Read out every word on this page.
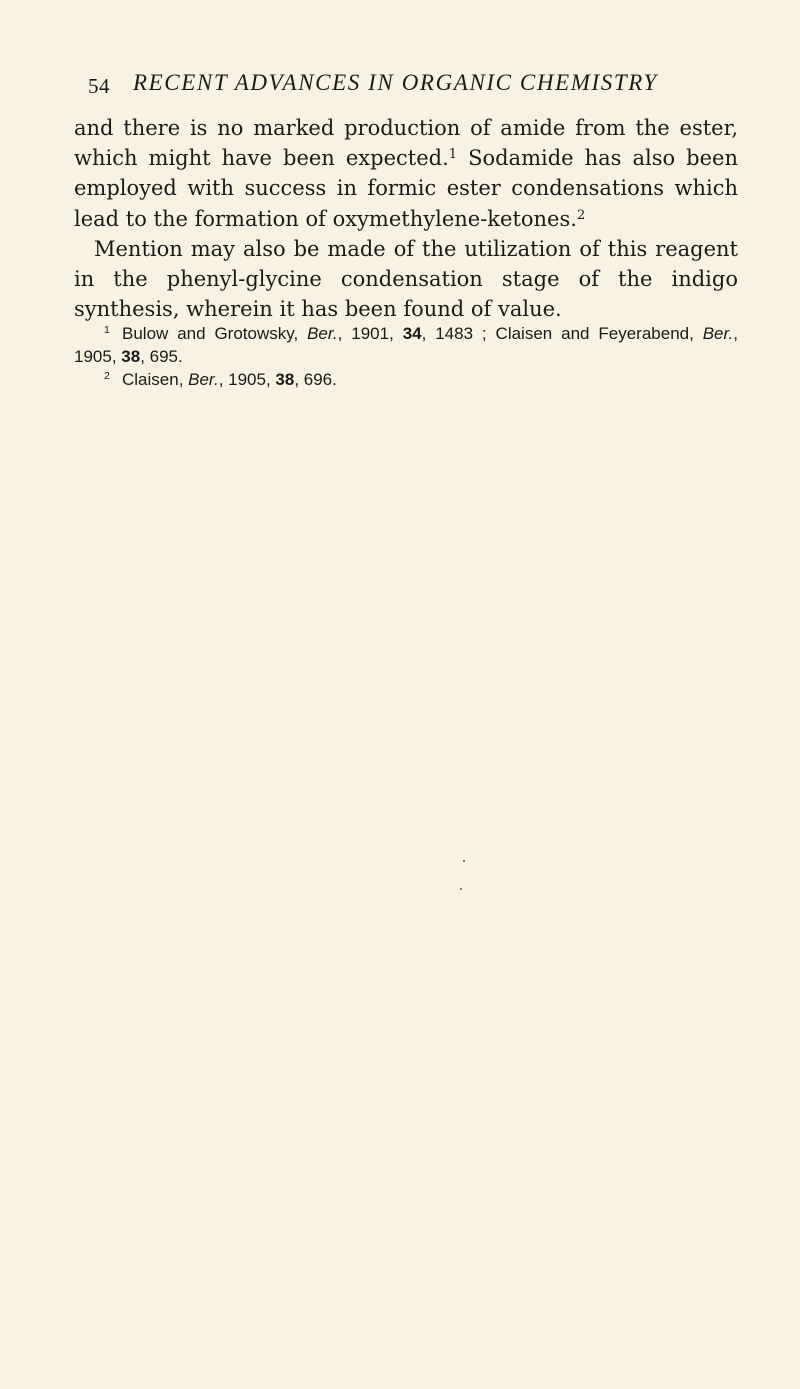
54 RECENT ADVANCES IN ORGANIC CHEMISTRY

and there is no marked production of amide from the ester, which might have been expected.$^1$ Sodamide has also been employed with success in formic ester condensations which lead to the formation of oxymethylene-ketones.$^2$

Mention may also be made of the utilization of this reagent in the phenyl-glycine condensation stage of the indigo synthesis, wherein it has been found of value.

$^1$ Bulow and Grotowsky, Ber., 1901, 34, 1483 ; Claisen and Feyerabend, Ber., 1905, 38, 695.

$^2$ Claisen, Ber., 1905, 38, 696.
